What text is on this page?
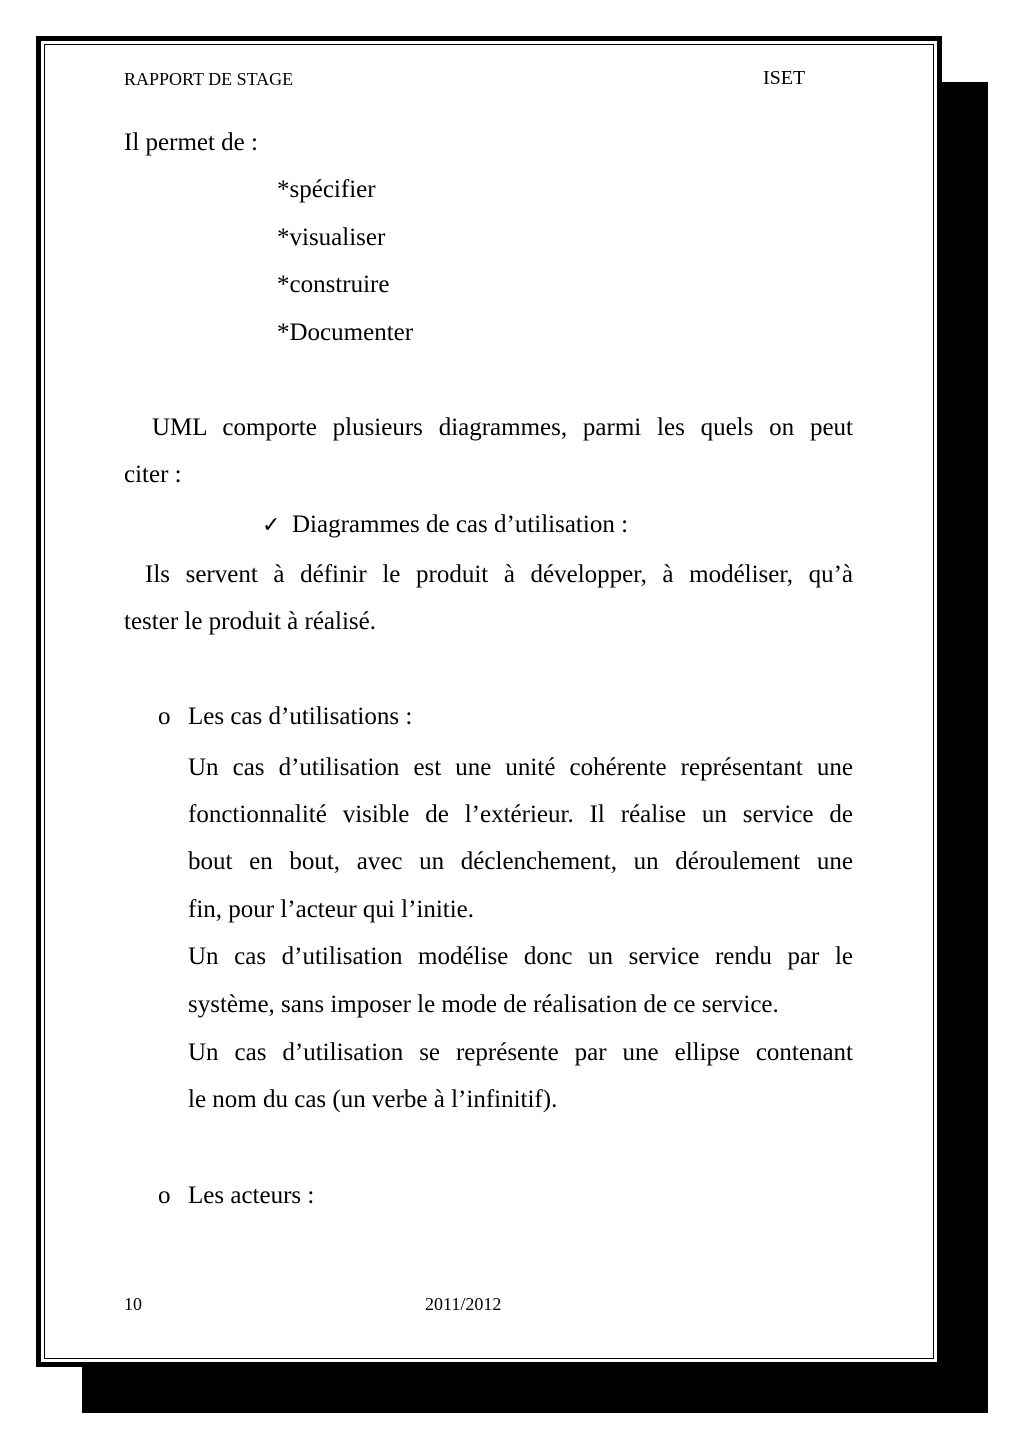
RAPPORT DE STAGE	ISET
Il permet de :
*spécifier
*visualiser
*construire
*Documenter
UML comporte plusieurs diagrammes, parmi les quels on peut
citer :
✓ Diagrammes de cas d’utilisation :
Ils servent à définir le produit à développer, à modéliser, qu’à
tester le produit à réalisé.
o Les cas d’utilisations :
Un cas d’utilisation est une unité cohérente représentant une
fonctionnalité visible de l’extérieur. Il réalise un service de
bout en bout, avec un déclenchement, un déroulement une
fin, pour l’acteur qui l’initie.
Un cas d’utilisation modélise donc un service rendu par le
système, sans imposer le mode de réalisation de ce service.
Un cas d’utilisation se représente par une ellipse contenant
le nom du cas (un verbe à l’infinitif).
o Les acteurs :
10	2011/2012
